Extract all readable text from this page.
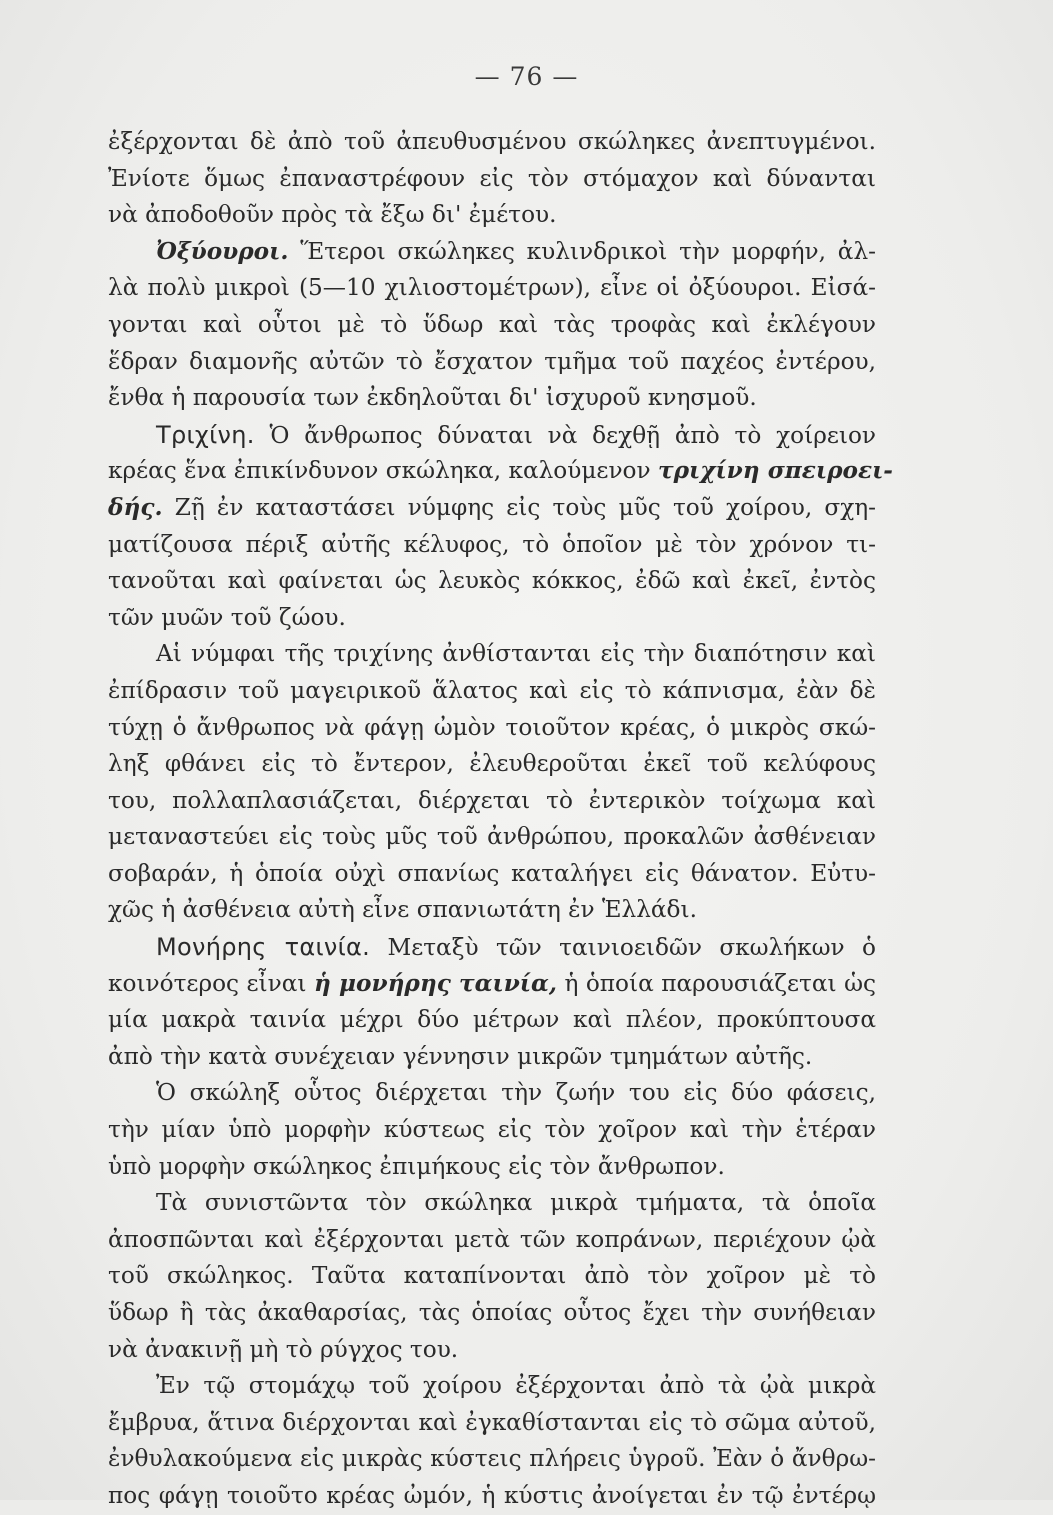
— 76 —
ἐξέρχονται δὲ ἀπὸ τοῦ ἀπευθυσμένου σκώληκες ἀνεπτυγμένοι.
Ἐνίοτε ὅμως ἐπαναστρέφουν εἰς τὸν στόμαχον καὶ δύνανται
νὰ ἀποδοθοῦν πρὸς τὰ ἔξω δι' ἐμέτου.
Ὀξύουροι. Ἕτεροι σκώληκες κυλινδρικοὶ τὴν μορφήν, ἀλ-
λὰ πολὺ μικροὶ (5—10 χιλιοστομέτρων), εἶνε οἱ ὀξύουροι. Εἰσά-
γονται καὶ οὗτοι μὲ τὸ ὕδωρ καὶ τὰς τροφὰς καὶ ἐκλέγουν
ἕδραν διαμονῆς αὐτῶν τὸ ἔσχατον τμῆμα τοῦ παχέος ἐντέρου,
ἔνθα ἡ παρουσία των ἐκδηλοῦται δι' ἰσχυροῦ κνησμοῦ.
Τριχίνη. Ὁ ἄνθρωπος δύναται νὰ δεχθῇ ἀπὸ τὸ χοίρειον
κρέας ἕνα ἐπικίνδυνον σκώληκα, καλούμενον τριχίνη σπειροει-
δής. Ζῇ ἐν καταστάσει νύμφης εἰς τοὺς μῦς τοῦ χοίρου, σχη-
ματίζουσα πέριξ αὐτῆς κέλυφος, τὸ ὁποῖον μὲ τὸν χρόνον τι-
τανοῦται καὶ φαίνεται ὡς λευκὸς κόκκος, ἐδῶ καὶ ἐκεῖ, ἐντὸς
τῶν μυῶν τοῦ ζώου.
Αἱ νύμφαι τῆς τριχίνης ἀνθίστανται εἰς τὴν διαπότησιν καὶ
ἐπίδρασιν τοῦ μαγειρικοῦ ἅλατος καὶ εἰς τὸ κάπνισμα, ἐὰν δὲ
τύχῃ ὁ ἄνθρωπος νὰ φάγῃ ὠμὸν τοιοῦτον κρέας, ὁ μικρὸς σκώ-
ληξ φθάνει εἰς τὸ ἔντερον, ἐλευθεροῦται ἐκεῖ τοῦ κελύφους
του, πολλαπλασιάζεται, διέρχεται τὸ ἐντερικὸν τοίχωμα καὶ
μεταναστεύει εἰς τοὺς μῦς τοῦ ἀνθρώπου, προκαλῶν ἀσθένειαν
σοβαράν, ἡ ὁποία οὐχὶ σπανίως καταλήγει εἰς θάνατον. Εὐτυ-
χῶς ἡ ἀσθένεια αὐτὴ εἶνε σπανιωτάτη ἐν Ἑλλάδι.
Μονήρης ταινία. Μεταξὺ τῶν ταινιοειδῶν σκωλήκων ὁ
κοινότερος εἶναι ἡ μονήρης ταινία, ἡ ὁποία παρουσιάζεται ὡς
μία μακρὰ ταινία μέχρι δύο μέτρων καὶ πλέον, προκύπτουσα
ἀπὸ τὴν κατὰ συνέχειαν γέννησιν μικρῶν τμημάτων αὐτῆς.
Ὁ σκώληξ οὗτος διέρχεται τὴν ζωήν του εἰς δύο φάσεις,
τὴν μίαν ὑπὸ μορφὴν κύστεως εἰς τὸν χοῖρον καὶ τὴν ἑτέραν
ὑπὸ μορφὴν σκώληκος ἐπιμήκους εἰς τὸν ἄνθρωπον.
Τὰ συνιστῶντα τὸν σκώληκα μικρὰ τμήματα, τὰ ὁποῖα
ἀποσπῶνται καὶ ἐξέρχονται μετὰ τῶν κοπράνων, περιέχουν ᾠὰ
τοῦ σκώληκος. Ταῦτα καταπίνονται ἀπὸ τὸν χοῖρον μὲ τὸ
ὕδωρ ἢ τὰς ἀκαθαρσίας, τὰς ὁποίας οὗτος ἔχει τὴν συνήθειαν
νὰ ἀνακινῇ μὴ τὸ ρύγχος του.
Ἐν τῷ στομάχῳ τοῦ χοίρου ἐξέρχονται ἀπὸ τὰ ᾠὰ μικρὰ
ἔμβρυα, ἅτινα διέρχονται καὶ ἐγκαθίστανται εἰς τὸ σῶμα αὐτοῦ,
ἐνθυλακούμενα εἰς μικρὰς κύστεις πλήρεις ὑγροῦ. Ἐὰν ὁ ἄνθρω-
πος φάγῃ τοιοῦτο κρέας ὠμόν, ἡ κύστις ἀνοίγεται ἐν τῷ ἐντέρῳ
